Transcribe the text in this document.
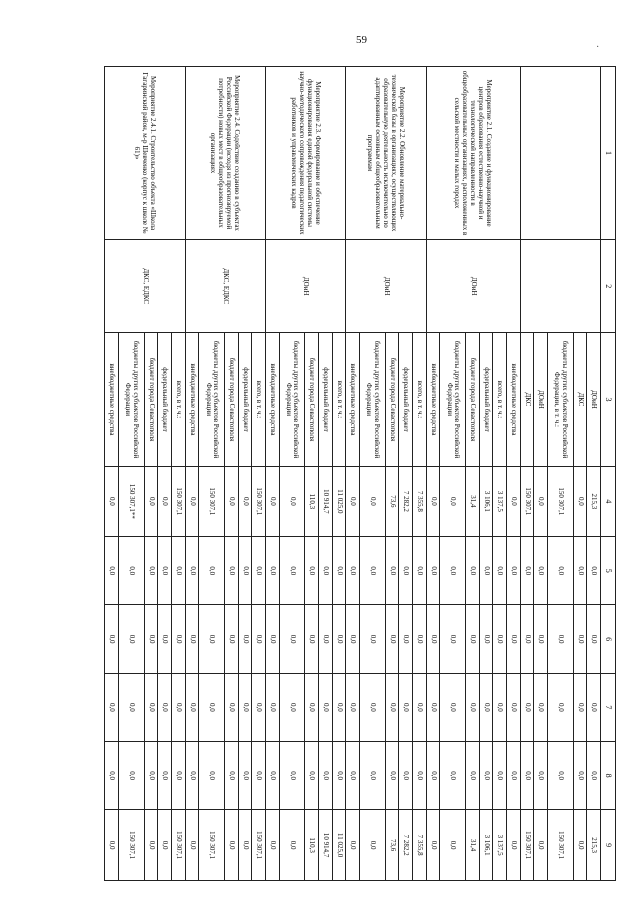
59
·
1	2	3	4	5	6	7	8	9
		ДОиН	215,3	0,0	0,0	0,0	0,0	215,3
		ДКС	0,0	0,0	0,0	0,0	0,0	0,0
		бюджеты других субъектов Российской Федерации, в т. ч.:	150 307,1	0,0	0,0	0,0	0,0	150 307,1
		ДОиН	0,0	0,0	0,0	0,0	0,0	0,0
		ДКС	150 307,1	0,0	0,0	0,0	0,0	150 307,1
Мероприятие 2.1. Создание и функционирование центров образования естественно-научной и технологической направленности в общеобразовательных организациях, расположенных в сельской местности и малых городах	ДОиН	внебюджетные средства	0,0	0,0	0,0	0,0	0,0	0,0
		всего, в т. ч.:	3 137,5	0,0	0,0	0,0	0,0	3 137,5
		федеральный бюджет	3 106,1	0,0	0,0	0,0	0,0	3 106,1
		бюджет города Севастополя	31,4	0,0	0,0	0,0	0,0	31,4
		бюджеты других субъектов Российской Федерации	0,0	0,0	0,0	0,0	0,0	0,0
		внебюджетные средства	0,0	0,0	0,0	0,0	0,0	0,0
Мероприятие 2.2. Обновление материально-технической базы в организациях, осуществляющих образовательную деятельность исключительно по адаптированным основным общеобразовательным программам	ДОиН	всего, в т. ч.:	7 355,8	0,0	0,0	0,0	0,0	7 355,8
		федеральный бюджет	7 282,2	0,0	0,0	0,0	0,0	7 282,2
		бюджет города Севастополя	73,6	0,0	0,0	0,0	0,0	73,6
		бюджеты других субъектов Российской Федерации	0,0	0,0	0,0	0,0	0,0	0,0
		внебюджетные средства	0,0	0,0	0,0	0,0	0,0	0,0
Мероприятие 2.3. Формирование и обеспечение функционирования единой федеральной системы научно-методического сопровождения педагогических работников и управленческих кадров	ДОиН	всего, в т. ч.:	11 025,0	0,0	0,0	0,0	0,0	11 025,0
		федеральный бюджет	10 914,7	0,0	0,0	0,0	0,0	10 914,7
		бюджет города Севастополя	110,3	0,0	0,0	0,0	0,0	110,3
		бюджеты других субъектов Российской Федерации	0,0	0,0	0,0	0,0	0,0	0,0
		внебюджетные средства	0,0	0,0	0,0	0,0	0,0	0,0
Мероприятие 2.4. Содействие созданию в субъектах Российской Федерации (исходя из прогнозируемой потребности) новых мест в общеобразовательных организациях	ДКС, ЕДКС	всего, в т. ч.:	150 307,1	0,0	0,0	0,0	0,0	150 307,1
		федеральный бюджет	0,0	0,0	0,0	0,0	0,0	0,0
		бюджет города Севастополя	0,0	0,0	0,0	0,0	0,0	0,0
		бюджеты других субъектов Российской Федерации	150 307,1	0,0	0,0	0,0	0,0	150 307,1
		внебюджетные средства	0,0	0,0	0,0	0,0	0,0	0,0
Мероприятие 2.4.1. Строительство объекта «Школа Гагаринский район, м-р Шевченко (корпус к школе № 61)»	ДКС, ЕДКС	всего, в т. ч.:	150 307,1	0,0	0,0	0,0	0,0	150 307,1
		федеральный бюджет	0,0	0,0	0,0	0,0	0,0	0,0
		бюджет города Севастополя	0,0	0,0	0,0	0,0	0,0	0,0
		бюджеты других субъектов Российской Федерации	150 307,1**	0,0	0,0	0,0	0,0	150 307,1
		внебюджетные средства	0,0	0,0	0,0	0,0	0,0	0,0
